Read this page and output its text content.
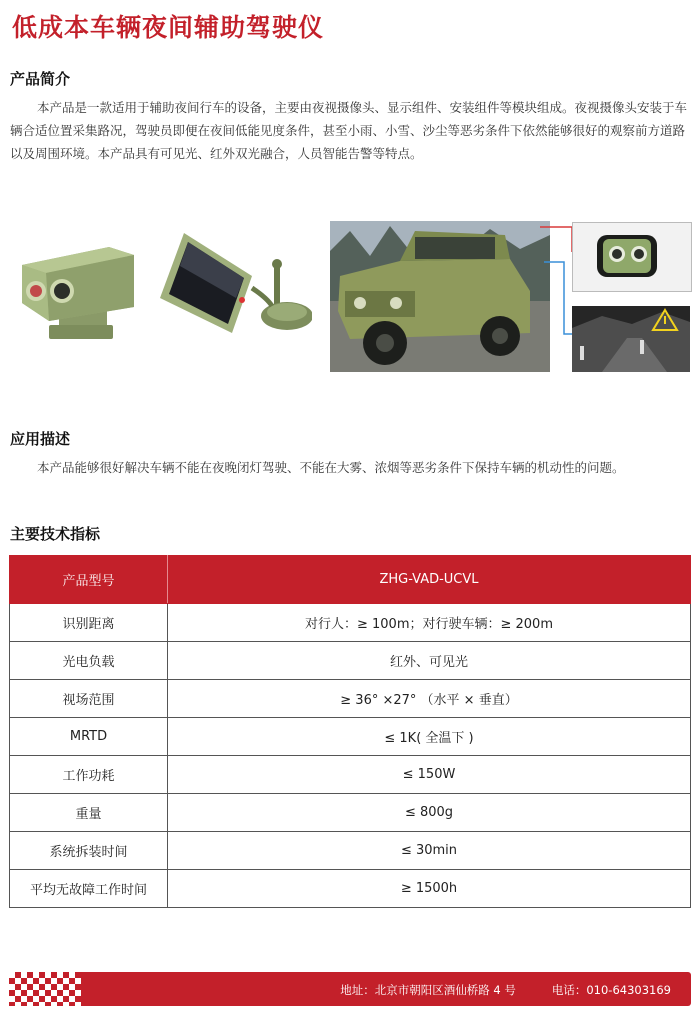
低成本车辆夜间辅助驾驶仪
产品简介

本产品是一款适用于辅助夜间行车的设备，主要由夜视摄像头、显示组件、安装组件等模块组成。夜视摄像头安装于车辆合适位置采集路况，驾驶员即便在夜间低能见度条件，甚至小雨、小雪、沙尘等恶劣条件下依然能够很好的观察前方道路以及周围环境。本产品具有可见光、红外双光融合，人员智能告警等特点。

应用描述

本产品能够很好解决车辆不能在夜晚闭灯驾驶、不能在大雾、浓烟等恶劣条件下保持车辆的机动性的问题。

主要技术指标
产品型号	ZHG-VAD-UCVL
识别距离	对行人：≥ 100m；对行驶车辆：≥ 200m
光电负载	红外、可见光
视场范围	≥ 36° ×27° （水平 × 垂直）
MRTD	≤ 1K( 全温下 )
工作功耗	≤ 150W
重量	≤ 800g
系统拆装时间	≤ 30min
平均无故障工作时间	≥ 1500h
地址：北京市朝阳区酒仙桥路 4 号	电话：010-64303169
